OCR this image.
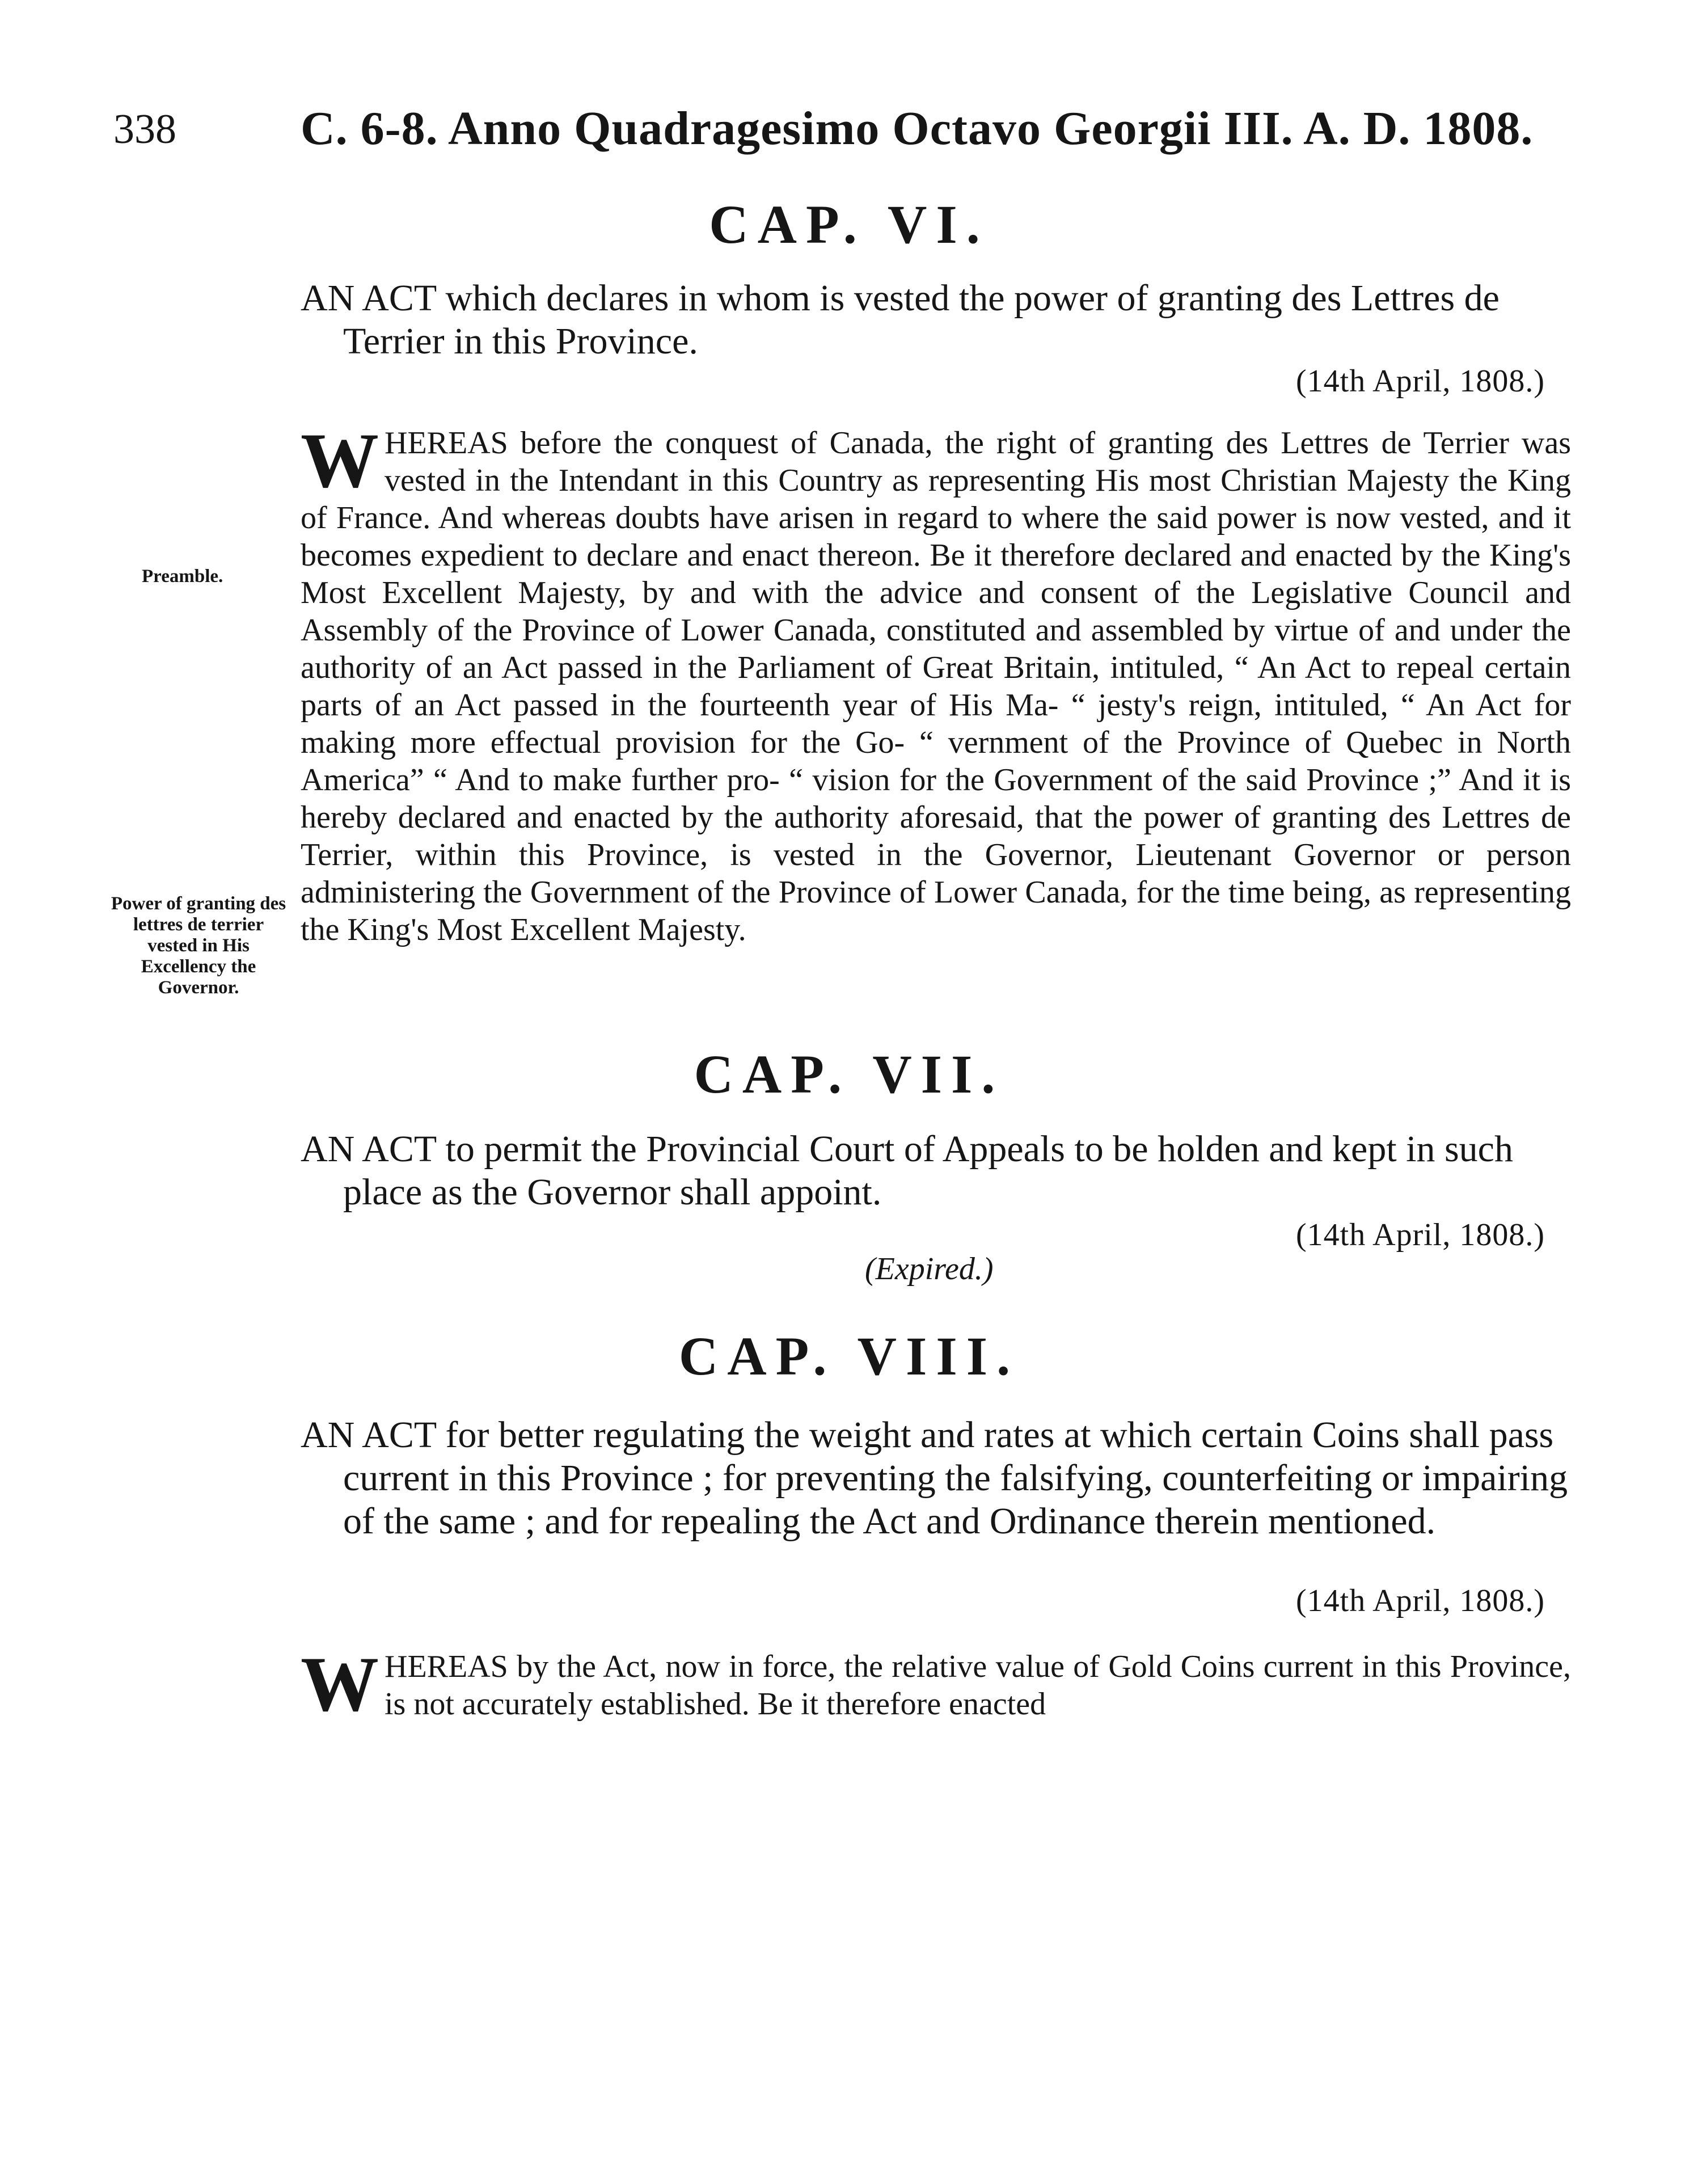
338	C. 6-8. Anno Quadragesimo Octavo Georgii III. A. D. 1808.
CAP. VI.
AN ACT which declares in whom is vested the power of granting des Lettres de Terrier in this Province.
(14th April, 1808.)
WHEREAS before the conquest of Canada, the right of granting des Lettres de Terrier was vested in the Intendant in this Country as representing His most Christian Majesty the King of France. And whereas doubts have arisen in regard to where the said power is now vested, and it becomes expedient to declare and enact thereon. Be it therefore declared and enacted by the King's Most Excellent Majesty, by and with the advice and consent of the Legislative Council and Assembly of the Province of Lower Canada, constituted and assembled by virtue of and under the authority of an Act passed in the Parliament of Great Britain, intituled, “ An Act to repeal certain parts of an Act passed in the fourteenth year of His Ma- “ jesty's reign, intituled, “ An Act for making more effectual provision for the Go- “ vernment of the Province of Quebec in North America” “ And to make further pro- “ vision for the Government of the said Province ;” And it is hereby declared and enacted by the authority aforesaid, that the power of granting des Lettres de Terrier, within this Province, is vested in the Governor, Lieutenant Governor or person administering the Government of the Province of Lower Canada, for the time being, as representing the King's Most Excellent Majesty.
Preamble.
Power of granting des lettres de terrier vested in His Excellency the Governor.
CAP. VII.
AN ACT to permit the Provincial Court of Appeals to be holden and kept in such place as the Governor shall appoint.
(14th April, 1808.)
(Expired.)
CAP. VIII.
AN ACT for better regulating the weight and rates at which certain Coins shall pass current in this Province ; for preventing the falsifying, counterfeiting or impairing of the same ; and for repealing the Act and Ordinance therein mentioned.
(14th April, 1808.)
WHEREAS by the Act, now in force, the relative value of Gold Coins current in this Province, is not accurately established. Be it therefore enacted
